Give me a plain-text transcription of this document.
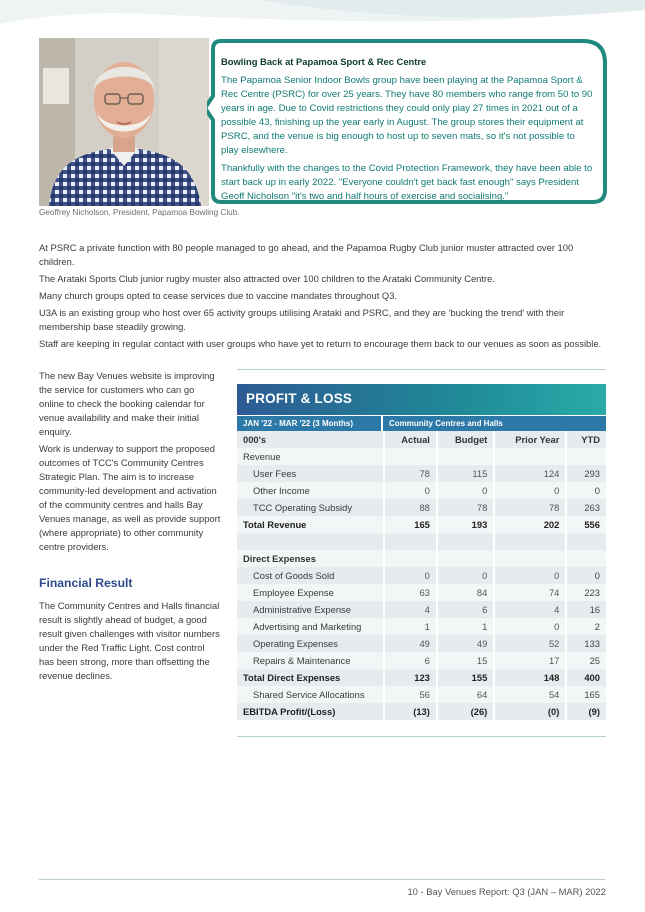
Bowling Back at Papamoa Sport & Rec Centre

The Papamoa Senior Indoor Bowls group have been playing at the Papamoa Sport & Rec Centre (PSRC) for over 25 years. They have 80 members who range from 50 to 90 years in age. Due to Covid restrictions they could only play 27 times in 2021 out of a possible 43, finishing up the year early in August. The group stores their equipment at PSRC, and the venue is big enough to host up to seven mats, so it's not possible to play elsewhere.

Thankfully with the changes to the Covid Protection Framework, they have been able to start back up in early 2022. "Everyone couldn't get back fast enough" says President Geoff Nicholson "it's two and half hours of exercise and socialising."

Geoffrey Nicholson, President, Papamoa Bowling Club.

At PSRC a private function with 80 people managed to go ahead, and the Papamoa Rugby Club junior muster attracted over 100 children.

The Arataki Sports Club junior rugby muster also attracted over 100 children to the Arataki Community Centre.

Many church groups opted to cease services due to vaccine mandates throughout Q3.

U3A is an existing group who host over 65 activity groups utilising Arataki and PSRC, and they are 'bucking the trend' with their membership base steadily growing.

Staff are keeping in regular contact with user groups who have yet to return to encourage them back to our venues as soon as possible.

The new Bay Venues website is improving the service for customers who can go online to check the booking calendar for venue availability and make their initial enquiry.

Work is underway to support the proposed outcomes of TCC's Community Centres Strategic Plan. The aim is to increase community-led development and activation of the community centres and halls Bay Venues manage, as well as provide support (where appropriate) to other community centre providers.

Financial Result

The Community Centres and Halls financial result is slightly ahead of budget, a good result given challenges with visitor numbers under the Red Traffic Light. Cost control has been strong, more than offsetting the revenue declines.

PROFIT & LOSS
JAN '22 - MAR '22 (3 Months)	Community Centres and Halls			
000's	Actual	Budget	Prior Year	YTD
Revenue				
User Fees	78	115	124	293
Other Income	0	0	0	0
TCC Operating Subsidy	88	78	78	263
Total Revenue	165	193	202	556

Direct Expenses				
Cost of Goods Sold	0	0	0	0
Employee Expense	63	84	74	223
Administrative Expense	4	6	4	16
Advertising and Marketing	1	1	0	2
Operating Expenses	49	49	52	133
Repairs & Maintenance	6	15	17	25
Total Direct Expenses	123	155	148	400
Shared Service Allocations	56	64	54	165
EBITDA Profit/(Loss)	(13)	(26)	(0)	(9)
10 - Bay Venues Report: Q3 (JAN – MAR) 2022
